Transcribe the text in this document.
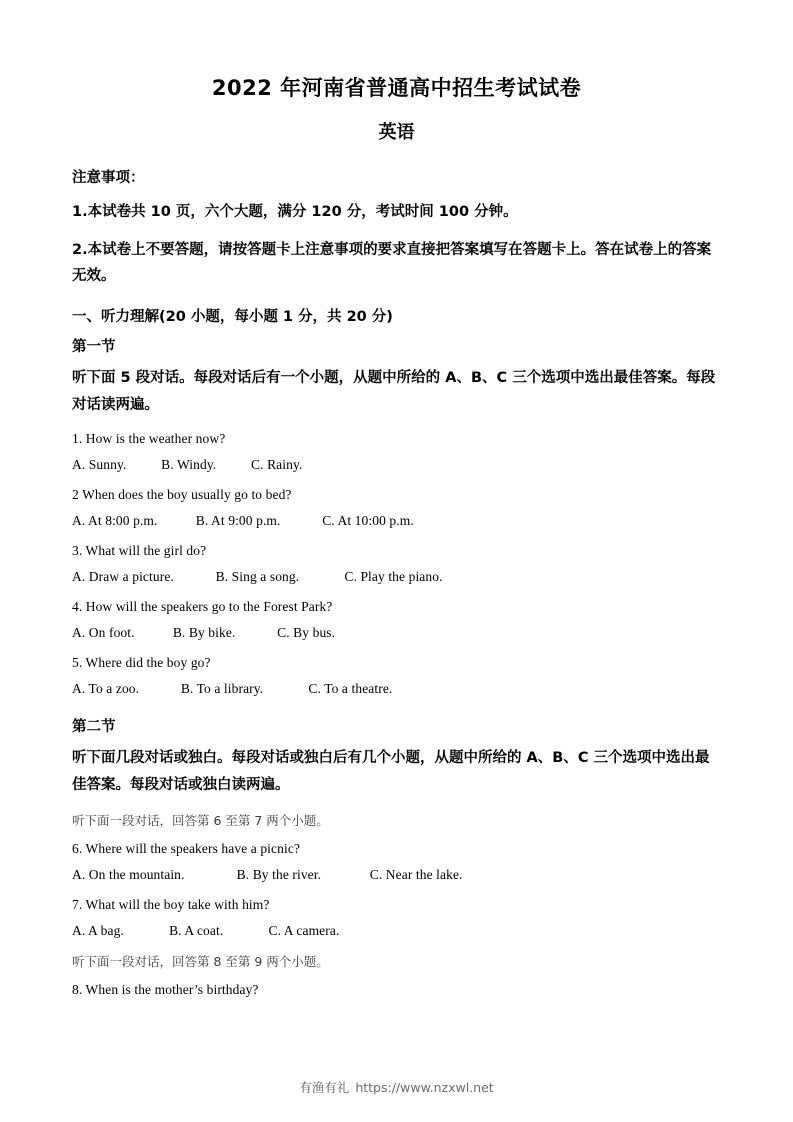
2022 年河南省普通高中招生考试试卷
英语
注意事项：
1.本试卷共 10 页，六个大题，满分 120 分，考试时间 100 分钟。
2.本试卷上不要答题，请按答题卡上注意事项的要求直接把答案填写在答题卡上。答在试卷上的答案无效。
一、听力理解(20 小题，每小题 1 分，共 20 分)
第一节
听下面 5 段对话。每段对话后有一个小题，从题中所给的 A、B、C 三个选项中选出最佳答案。每段对话读两遍。
1. How is the weather now?
A. Sunny.          B. Windy.          C. Rainy.
2 When does the boy usually go to bed?
A. At 8:00 p.m.           B. At 9:00 p.m.            C. At 10:00 p.m.
3. What will the girl do?
A. Draw a picture.            B. Sing a song.             C. Play the piano.
4. How will the speakers go to the Forest Park?
A. On foot.           B. By bike.            C. By bus.
5. Where did the boy go?
A. To a zoo.            B. To a library.             C. To a theatre.
第二节
听下面几段对话或独白。每段对话或独白后有几个小题，从题中所给的 A、B、C 三个选项中选出最佳答案。每段对话或独白读两遍。
听下面一段对话，回答第 6 至第 7 两个小题。
6. Where will the speakers have a picnic?
A. On the mountain.               B. By the river.              C. Near the lake.
7. What will the boy take with him?
A. A bag.             B. A coat.             C. A camera.
听下面一段对话，回答第 8 至第 9 两个小题。
8. When is the mother’s birthday?
有渔有礼 https://www.nzxwl.net
